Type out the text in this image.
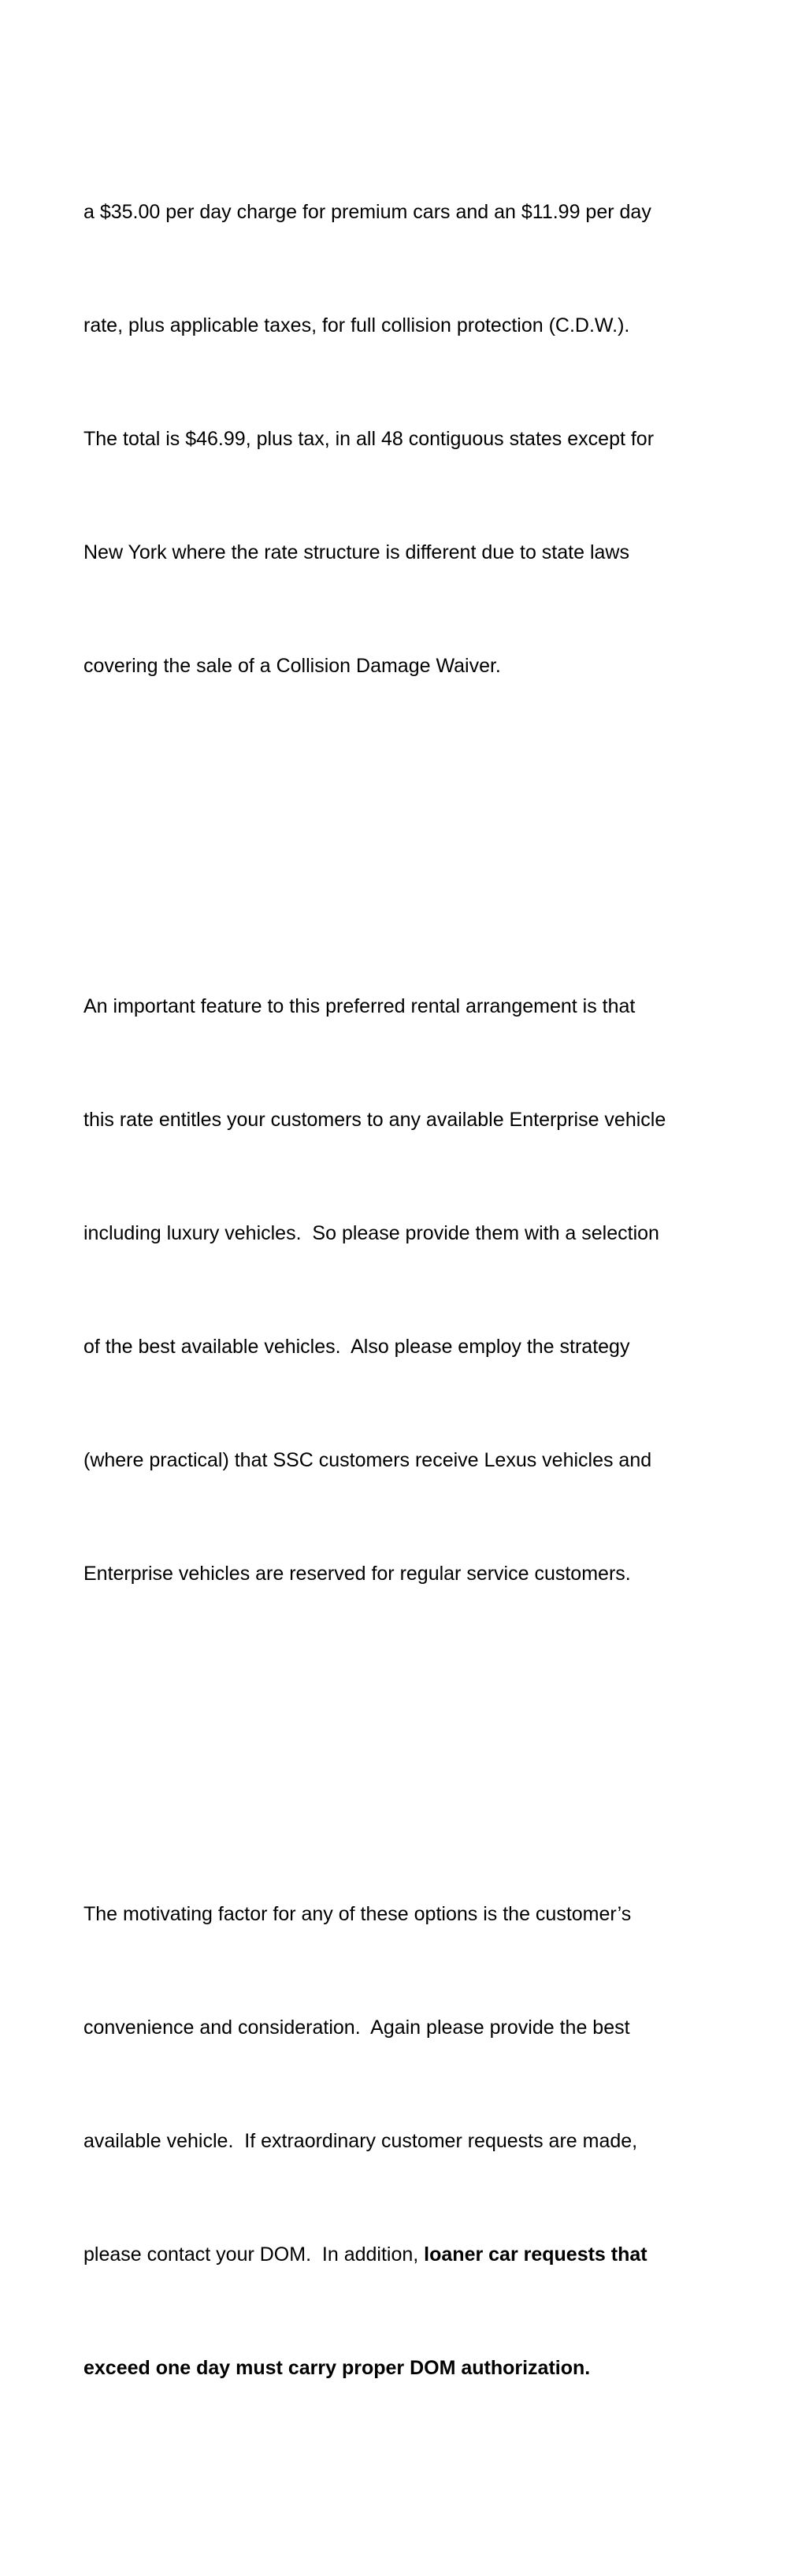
a $35.00 per day charge for premium cars and an $11.99 per day

rate, plus applicable taxes, for full collision protection (C.D.W.).

The total is $46.99, plus tax, in all 48 contiguous states except for

New York where the rate structure is different due to state laws

covering the sale of a Collision Damage Waiver.

An important feature to this preferred rental arrangement is that

this rate entitles your customers to any available Enterprise vehicle

including luxury vehicles.  So please provide them with a selection

of the best available vehicles.  Also please employ the strategy

(where practical) that SSC customers receive Lexus vehicles and

Enterprise vehicles are reserved for regular service customers.

The motivating factor for any of these options is the customer’s

convenience and consideration.  Again please provide the best

available vehicle.  If extraordinary customer requests are made,

please contact your DOM.  In addition, loaner car requests that

exceed one day must carry proper DOM authorization.
